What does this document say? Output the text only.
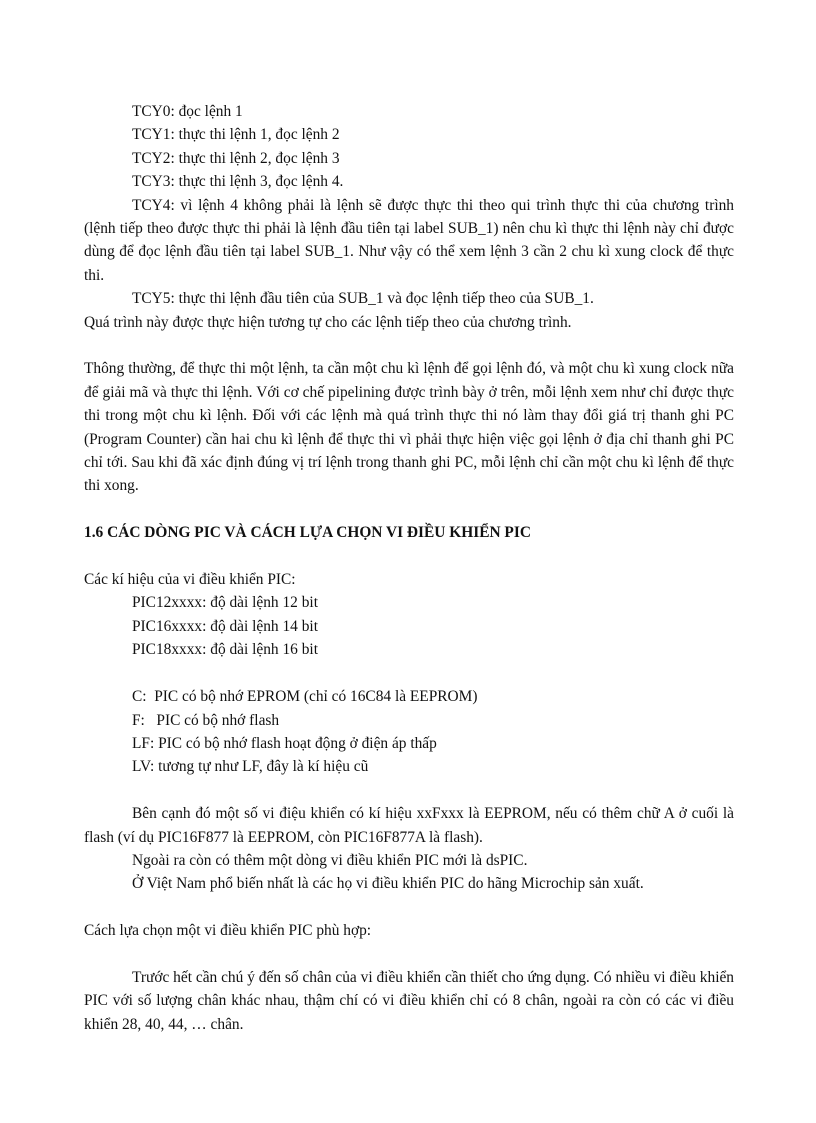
TCY0: đọc lệnh 1
TCY1: thực thi lệnh 1, đọc lệnh 2
TCY2: thực thi lệnh 2, đọc lệnh 3
TCY3: thực thi lệnh 3, đọc lệnh 4.
TCY4: vì lệnh 4 không phải là lệnh sẽ được thực thi theo qui trình thực thi của chương trình (lệnh tiếp theo được thực thi phải là lệnh đầu tiên tại label SUB_1) nên chu kì thực thi lệnh này chỉ được dùng để đọc lệnh đầu tiên tại label SUB_1. Như vậy có thể xem lệnh 3 cần 2 chu kì xung clock để thực thi.
TCY5: thực thi lệnh đầu tiên của SUB_1 và đọc lệnh tiếp theo của SUB_1.
Quá trình này được thực hiện tương tự cho các lệnh tiếp theo của chương trình.
Thông thường, để thực thi một lệnh, ta cần một chu kì lệnh để gọi lệnh đó, và một chu kì xung clock nữa để giải mã và thực thi lệnh. Với cơ chế pipelining được trình bày ở trên, mỗi lệnh xem như chỉ được thực thi trong một chu kì lệnh. Đối với các lệnh mà quá trình thực thi nó làm thay đổi giá trị thanh ghi PC (Program Counter) cần hai chu kì lệnh để thực thi vì phải thực hiện việc gọi lệnh ở địa chỉ thanh ghi PC chỉ tới. Sau khi đã xác định đúng vị trí lệnh trong thanh ghi PC, mỗi lệnh chỉ cần một chu kì lệnh để thực thi xong.
1.6 CÁC DÒNG PIC VÀ CÁCH LỰA CHỌN VI ĐIỀU KHIỂN PIC
Các kí hiệu của vi điều khiển PIC:
PIC12xxxx: độ dài lệnh 12 bit
PIC16xxxx: độ dài lệnh 14 bit
PIC18xxxx: độ dài lệnh 16 bit
C:  PIC có bộ nhớ EPROM (chỉ có 16C84 là EEPROM)
F:   PIC có bộ nhớ flash
LF: PIC có bộ nhớ flash hoạt động ở điện áp thấp
LV: tương tự như LF, đây là kí hiệu cũ
Bên cạnh đó một số vi điệu khiển có kí hiệu xxFxxx là EEPROM, nếu có thêm chữ A ở cuối là flash (ví dụ PIC16F877 là EEPROM, còn PIC16F877A là flash).
Ngoài ra còn có thêm một dòng vi điều khiển PIC mới là dsPIC.
Ở Việt Nam phổ biến nhất là các họ vi điều khiển PIC do hãng Microchip sản xuất.
Cách lựa chọn một vi điều khiển PIC phù hợp:
Trước hết cần chú ý đến số chân của vi điều khiển cần thiết cho ứng dụng. Có nhiều vi điều khiển PIC với số lượng chân khác nhau, thậm chí có vi điều khiển chỉ có 8 chân, ngoài ra còn có các vi điều khiển 28, 40, 44, … chân.
